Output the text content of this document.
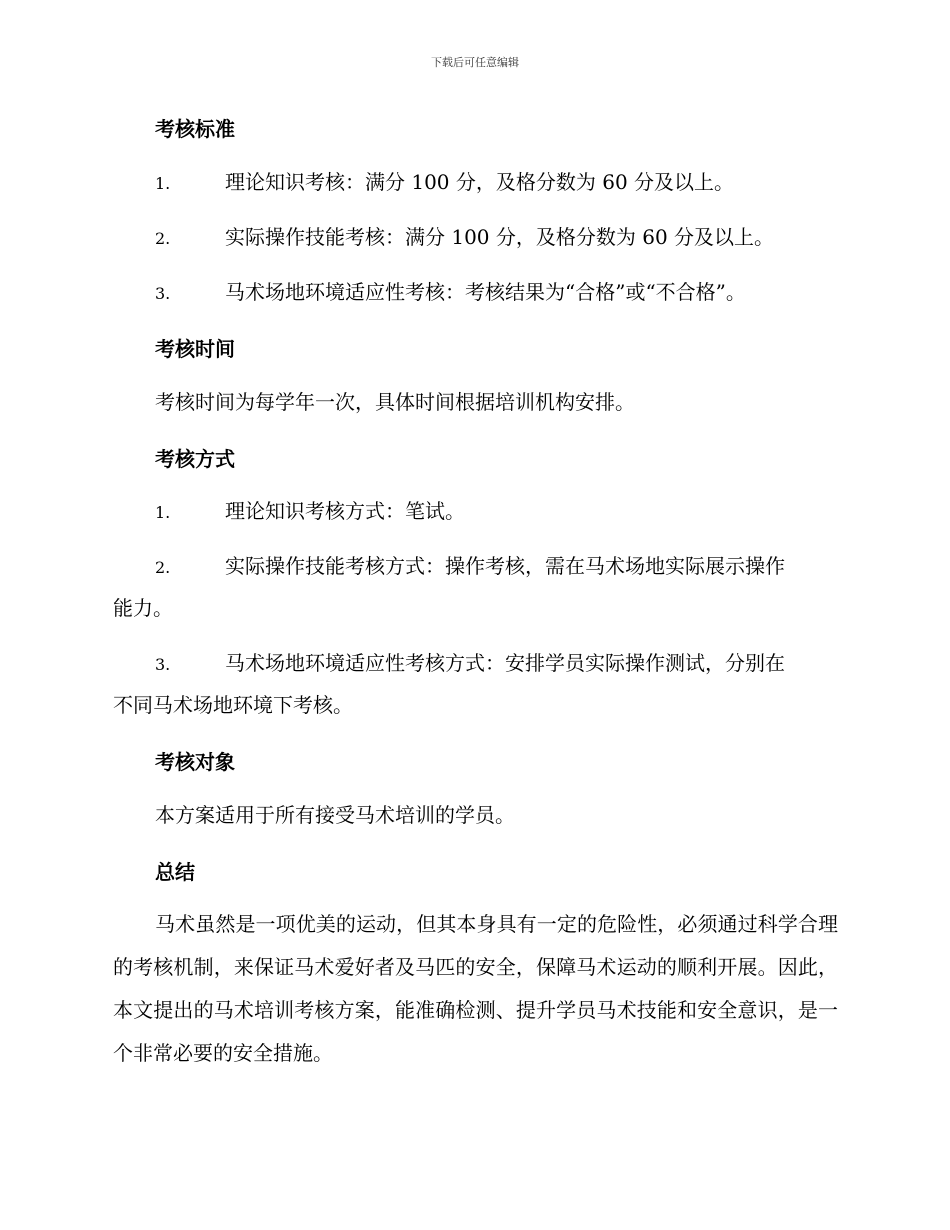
下载后可任意编辑
考核标准
1.	理论知识考核：满分 100 分，及格分数为 60 分及以上。
2.	实际操作技能考核：满分 100 分，及格分数为 60 分及以上。
3.	马术场地环境适应性考核：考核结果为“合格”或“不合格”。
考核时间
考核时间为每学年一次，具体时间根据培训机构安排。
考核方式
1.	理论知识考核方式：笔试。
2.	实际操作技能考核方式：操作考核，需在马术场地实际展示操作
能力。
3.	马术场地环境适应性考核方式：安排学员实际操作测试，分别在
不同马术场地环境下考核。
考核对象
本方案适用于所有接受马术培训的学员。
总结

马术虽然是一项优美的运动，但其本身具有一定的危险性，必须通过科学合理的考核机制，来保证马术爱好者及马匹的安全，保障马术运动的顺利开展。因此，本文提出的马术培训考核方案，能准确检测、提升学员马术技能和安全意识，是一个非常必要的安全措施。
